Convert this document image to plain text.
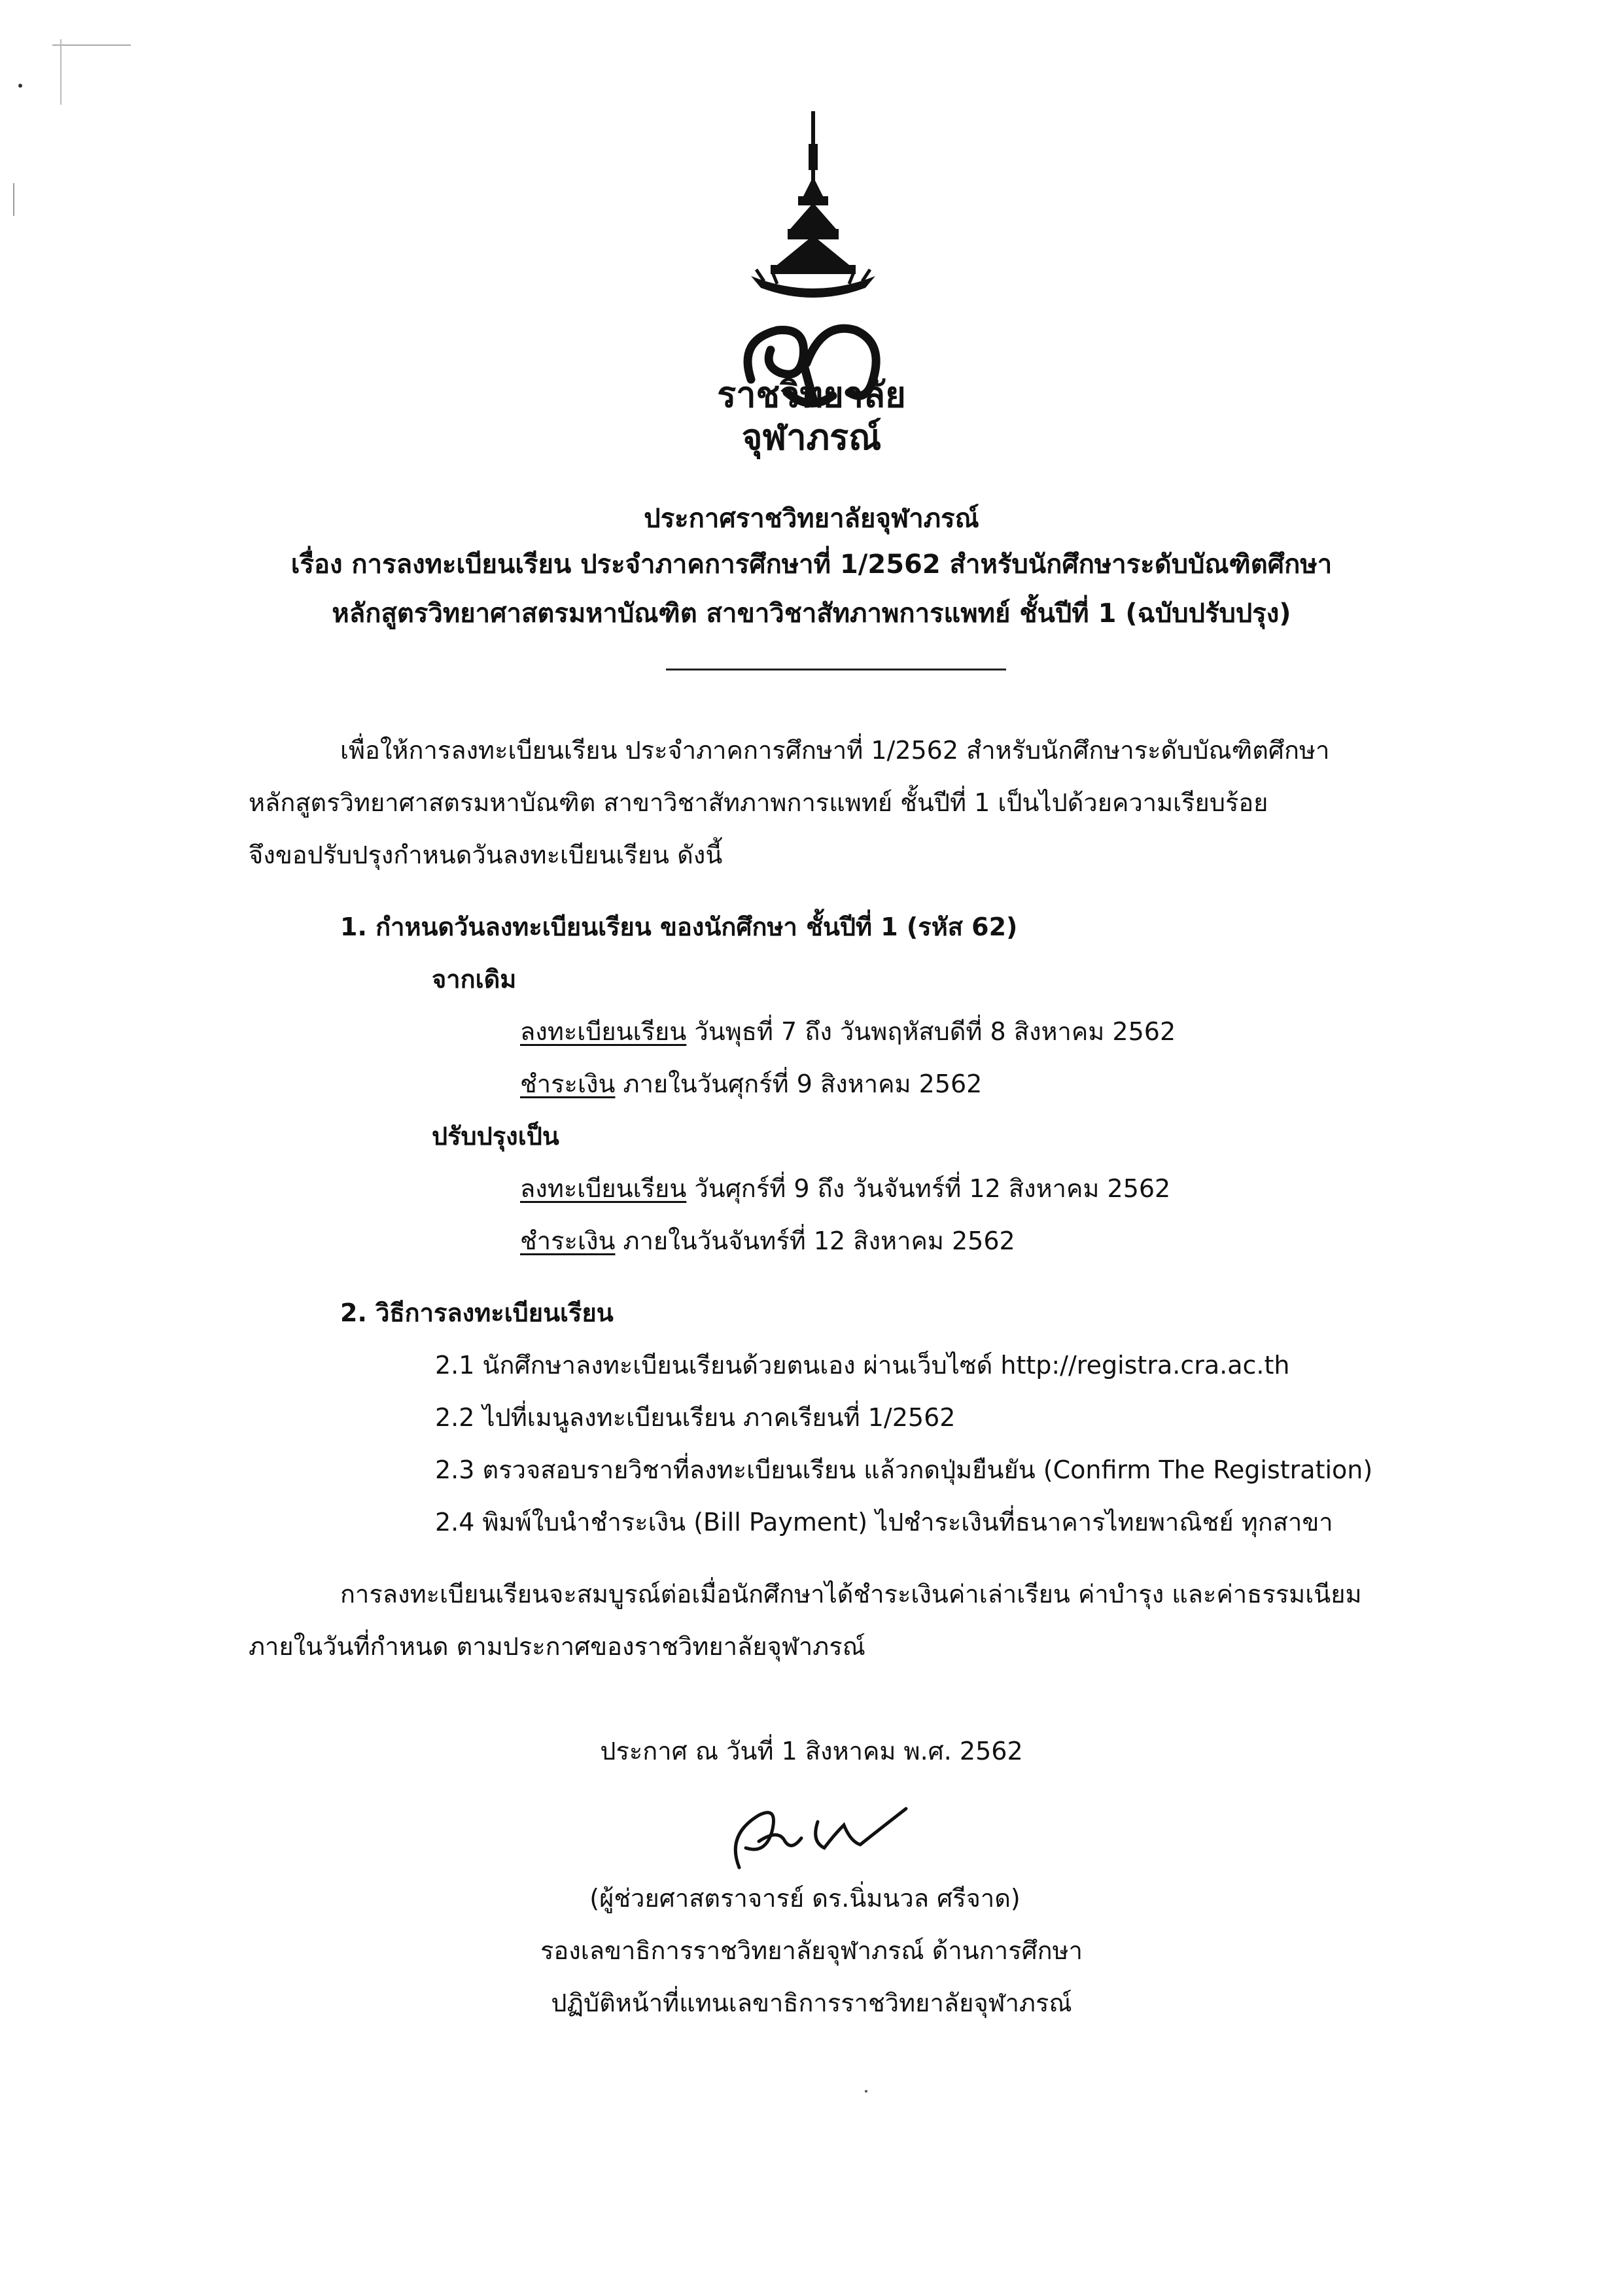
ราชวิทยาลัย
จุฬาภรณ์
ประกาศราชวิทยาลัยจุฬาภรณ์
เรื่อง การลงทะเบียนเรียน ประจำภาคการศึกษาที่ 1/2562 สำหรับนักศึกษาระดับบัณฑิตศึกษา
หลักสูตรวิทยาศาสตรมหาบัณฑิต สาขาวิชาสัทภาพการแพทย์ ชั้นปีที่ 1 (ฉบับปรับปรุง)
เพื่อให้การลงทะเบียนเรียน ประจำภาคการศึกษาที่ 1/2562 สำหรับนักศึกษาระดับบัณฑิตศึกษา
หลักสูตรวิทยาศาสตรมหาบัณฑิต สาขาวิชาสัทภาพการแพทย์ ชั้นปีที่ 1 เป็นไปด้วยความเรียบร้อย
จึงขอปรับปรุงกำหนดวันลงทะเบียนเรียน ดังนี้
1. กำหนดวันลงทะเบียนเรียน ของนักศึกษา ชั้นปีที่ 1 (รหัส 62)
จากเดิม
ลงทะเบียนเรียน วันพุธที่ 7 ถึง วันพฤหัสบดีที่ 8 สิงหาคม 2562
ชำระเงิน ภายในวันศุกร์ที่ 9 สิงหาคม 2562
ปรับปรุงเป็น
ลงทะเบียนเรียน วันศุกร์ที่ 9 ถึง วันจันทร์ที่ 12 สิงหาคม 2562
ชำระเงิน ภายในวันจันทร์ที่ 12 สิงหาคม 2562
2. วิธีการลงทะเบียนเรียน
2.1 นักศึกษาลงทะเบียนเรียนด้วยตนเอง ผ่านเว็บไซด์ http://registra.cra.ac.th
2.2 ไปที่เมนูลงทะเบียนเรียน ภาคเรียนที่ 1/2562
2.3 ตรวจสอบรายวิชาที่ลงทะเบียนเรียน แล้วกดปุ่มยืนยัน (Confirm The Registration)
2.4 พิมพ์ใบนำชำระเงิน (Bill Payment) ไปชำระเงินที่ธนาคารไทยพาณิชย์ ทุกสาขา
การลงทะเบียนเรียนจะสมบูรณ์ต่อเมื่อนักศึกษาได้ชำระเงินค่าเล่าเรียน ค่าบำรุง และค่าธรรมเนียม
ภายในวันที่กำหนด ตามประกาศของราชวิทยาลัยจุฬาภรณ์
ประกาศ ณ วันที่ 1 สิงหาคม พ.ศ. 2562
(ผู้ช่วยศาสตราจารย์ ดร.นิ่มนวล ศรีจาด)
รองเลขาธิการราชวิทยาลัยจุฬาภรณ์ ด้านการศึกษา
ปฏิบัติหน้าที่แทนเลขาธิการราชวิทยาลัยจุฬาภรณ์
